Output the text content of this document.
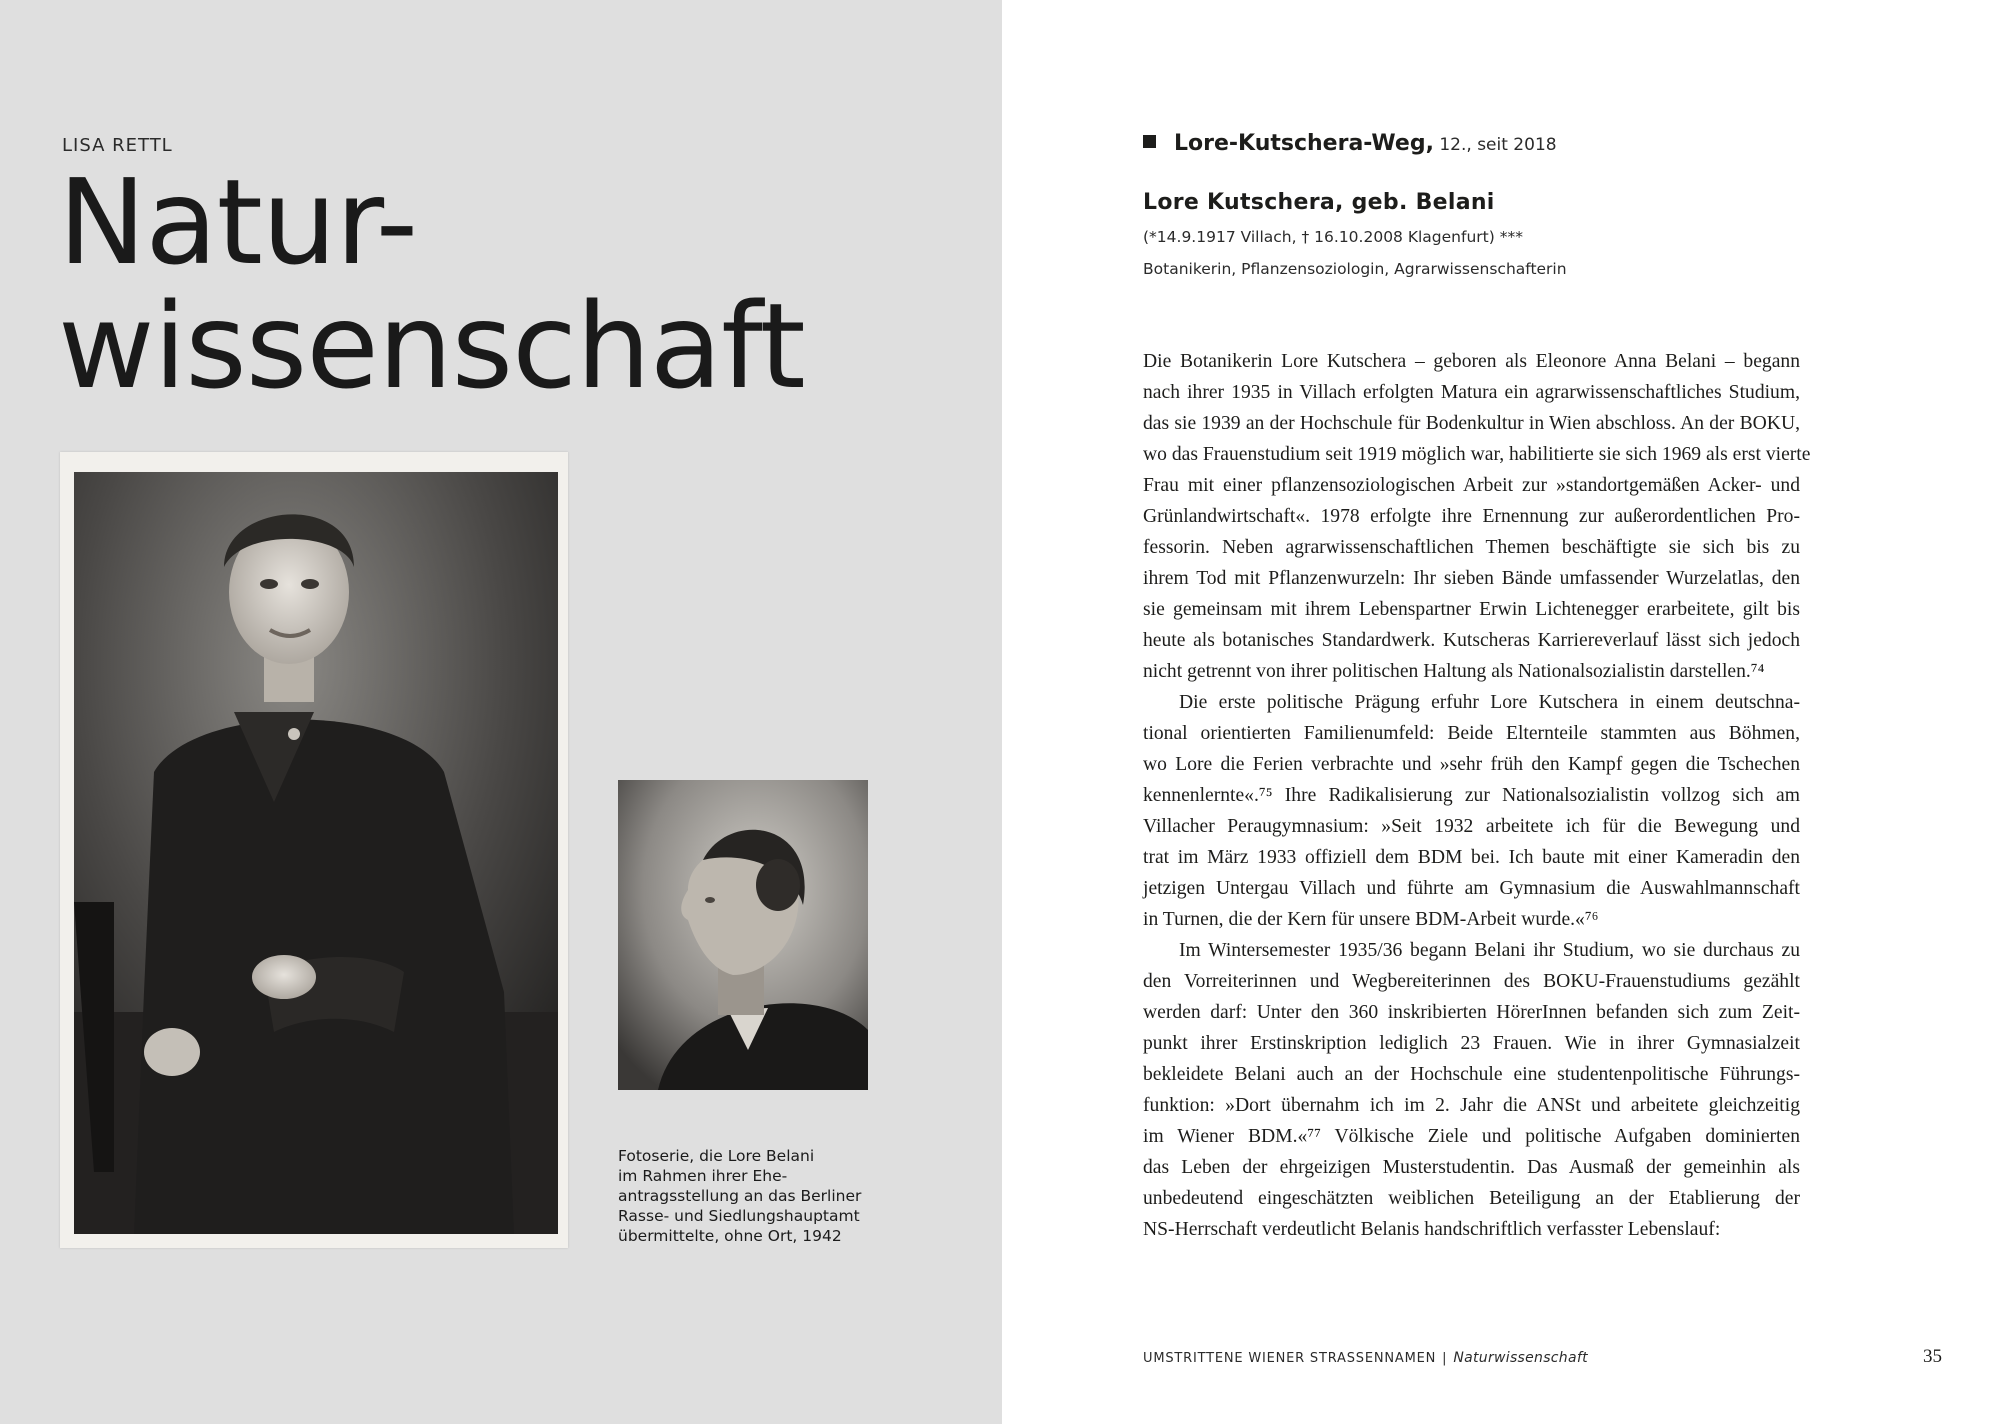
LISA RETTL
Natur-
wissenschaft
Fotoserie, die Lore Belani
im Rahmen ihrer Ehe-
antragsstellung an das Berliner
Rasse- und Siedlungshauptamt
übermittelte, ohne Ort, 1942
Lore-Kutschera-Weg, 12., seit 2018
Lore Kutschera, geb. Belani
(*14.9.1917 Villach, † 16.10.2008 Klagenfurt) ***
Botanikerin, Pflanzensoziologin, Agrarwissenschafterin
Die Botanikerin Lore Kutschera – geboren als Eleonore Anna Belani – begann
nach ihrer 1935 in Villach erfolgten Matura ein agrarwissenschaftliches Studium,
das sie 1939 an der Hochschule für Bodenkultur in Wien abschloss. An der BOKU,
wo das Frauenstudium seit 1919 möglich war, habilitierte sie sich 1969 als erst vierte
Frau mit einer pflanzensoziologischen Arbeit zur »standortgemäßen Acker- und
Grünlandwirtschaft«. 1978 erfolgte ihre Ernennung zur außerordentlichen Pro-
fessorin. Neben agrarwissenschaftlichen Themen beschäftigte sie sich bis zu
ihrem Tod mit Pflanzenwurzeln: Ihr sieben Bände umfassender Wurzelatlas, den
sie gemeinsam mit ihrem Lebenspartner Erwin Lichtenegger erarbeitete, gilt bis
heute als botanisches Standardwerk. Kutscheras Karriereverlauf lässt sich jedoch
nicht getrennt von ihrer politischen Haltung als Nationalsozialistin darstellen.⁷⁴
Die erste politische Prägung erfuhr Lore Kutschera in einem deutschna-
tional orientierten Familienumfeld: Beide Elternteile stammten aus Böhmen,
wo Lore die Ferien verbrachte und »sehr früh den Kampf gegen die Tschechen
kennenlernte«.⁷⁵ Ihre Radikalisierung zur Nationalsozialistin vollzog sich am
Villacher Peraugymnasium: »Seit 1932 arbeitete ich für die Bewegung und
trat im März 1933 offiziell dem BDM bei. Ich baute mit einer Kameradin den
jetzigen Untergau Villach und führte am Gymnasium die Auswahlmannschaft
in Turnen, die der Kern für unsere BDM-Arbeit wurde.«⁷⁶
Im Wintersemester 1935/36 begann Belani ihr Studium, wo sie durchaus zu
den Vorreiterinnen und Wegbereiterinnen des BOKU-Frauenstudiums gezählt
werden darf: Unter den 360 inskribierten HörerInnen befanden sich zum Zeit-
punkt ihrer Erstinskription lediglich 23 Frauen. Wie in ihrer Gymnasialzeit
bekleidete Belani auch an der Hochschule eine studentenpolitische Führungs-
funktion: »Dort übernahm ich im 2. Jahr die ANSt und arbeitete gleichzeitig
im Wiener BDM.«⁷⁷ Völkische Ziele und politische Aufgaben dominierten
das Leben der ehrgeizigen Musterstudentin. Das Ausmaß der gemeinhin als
unbedeutend eingeschätzten weiblichen Beteiligung an der Etablierung der
NS-Herrschaft verdeutlicht Belanis handschriftlich verfasster Lebenslauf:
UMSTRITTENE WIENER STRASSENNAMEN | Naturwissenschaft	35
